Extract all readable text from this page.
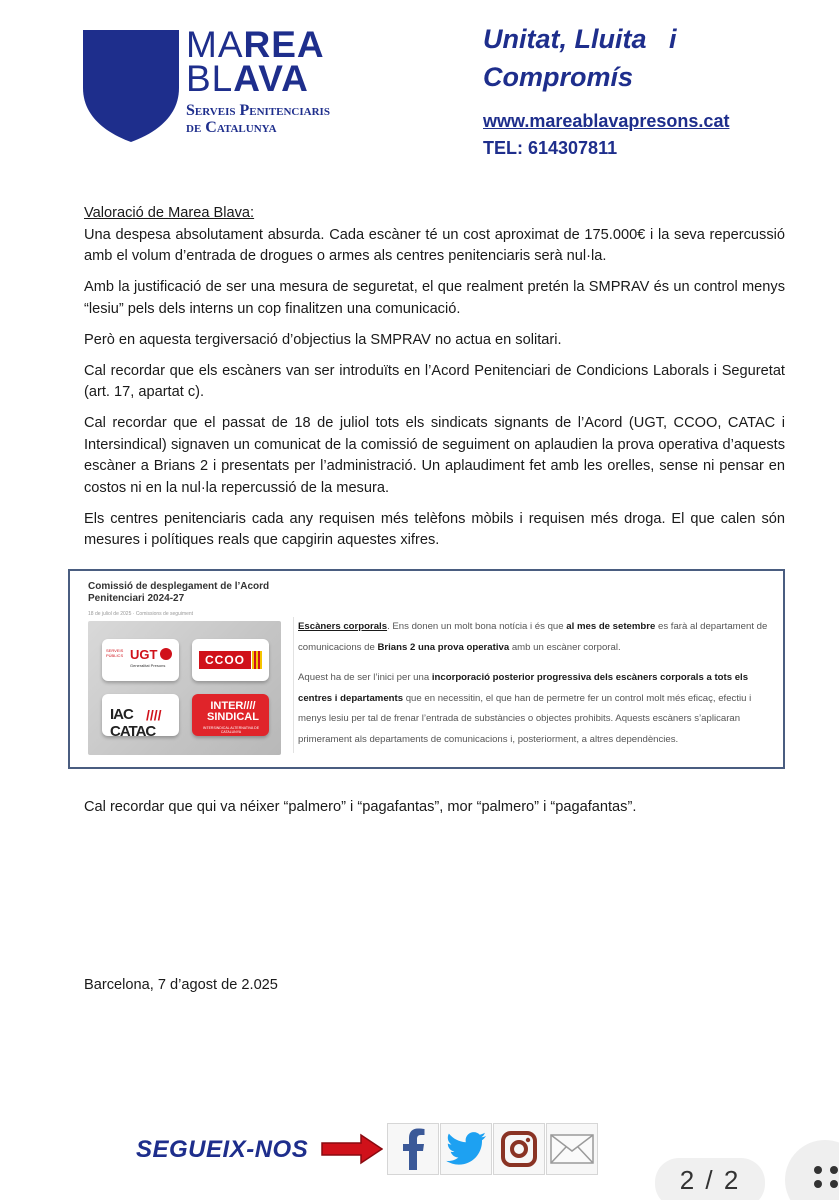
MAREA
BLAVA
Serveis Penitenciaris
de Catalunya
Unitat, Lluita   i
Compromís
www.mareablavapresons.cat
TEL: 614307811

Valoració de Marea Blava:

Una despesa absolutament absurda. Cada escàner té un cost aproximat de 175.000€ i la seva repercussió amb el volum d’entrada de drogues o armes als centres penitenciaris serà nul·la.

Amb la justificació de ser una mesura de seguretat, el que realment pretén la SMPRAV és un control menys “lesiu” pels dels interns un cop finalitzen una comunicació.

Però en aquesta tergiversació d’objectius la SMPRAV no actua en solitari.

Cal recordar que els escàners van ser introduïts en l’Acord Penitenciari de Condicions Laborals i Seguretat (art. 17, apartat c).

Cal recordar que el passat de 18 de juliol tots els sindicats signants de l’Acord (UGT, CCOO, CATAC i Intersindical) signaven un comunicat de la comissió de seguiment on aplaudien la prova operativa d’aquests escàner a Brians 2 i presentats per l’administració. Un aplaudiment fet amb les orelles, sense ni pensar en costos ni en la nul·la repercussió de la mesura.

Els centres penitenciaris cada any requisen més telèfons mòbils i requisen més droga. El que calen són mesures i polítiques reals que capgirin aquestes xifres.

Comissió de desplegament de l’Acord Penitenciari 2024-27
18 de juliol de 2025 · Comissions de seguiment
SERVEIS PÚBLICS UGT
Generalitat Presons	CCOO
IAC CATAC
////
INTER//// SINDICAL
INTERSINDICAL ALTERNATIVA DE CATALUNYA
Escàners corporals. Ens donen un molt bona notícia i és que al mes de setembre es farà al departament de comunicacions de Brians 2 una prova operativa amb un escàner corporal.
Aquest ha de ser l’inici per una incorporació posterior progressiva dels escàners corporals a tots els centres i departaments que en necessitin, el que han de permetre fer un control molt més eficaç, efectiu i menys lesiu per tal de frenar l’entrada de substàncies o objectes prohibits. Aquests escàners s’aplicaran primerament als departaments de comunicacions i, posteriorment, a altres dependències.
Cal recordar que qui va néixer “palmero” i “pagafantas”, mor “palmero” i “pagafantas”.
Barcelona, 7 d’agost de 2.025
SEGUEIX-NOS
2 / 2
